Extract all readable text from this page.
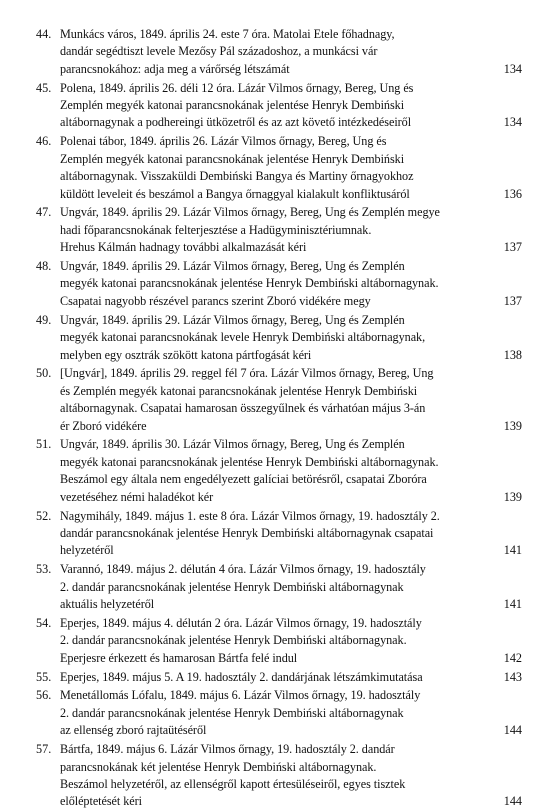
44. Munkács város, 1849. április 24. este 7 óra. Matolai Etele főhadnagy,
dandár segédtiszt levele Mezősy Pál századoshoz, a munkácsi vár
parancsnokához: adja meg a várőrség létszámát	134
45. Polena, 1849. április 26. déli 12 óra. Lázár Vilmos őrnagy, Bereg, Ung és
Zemplén megyék katonai parancsnokának jelentése Henryk Dembiński
altábornagynak a podhereingi ütközetről és az azt követő intézkedéseiről	134
46. Polenai tábor, 1849. április 26. Lázár Vilmos őrnagy, Bereg, Ung és
Zemplén megyék katonai parancsnokának jelentése Henryk Dembiński
altábornagynak. Visszaküldi Dembiński Bangya és Martiny őrnagyokhoz
küldött leveleit és beszámol a Bangya őrnaggyal kialakult konfliktusáról	136
47. Ungvár, 1849. április 29. Lázár Vilmos őrnagy, Bereg, Ung és Zemplén megye
hadi főparancsnokának felterjesztése a Hadügyminisztériumnak.
Hrehus Kálmán hadnagy további alkalmazását kéri	137
48. Ungvár, 1849. április 29. Lázár Vilmos őrnagy, Bereg, Ung és Zemplén
megyék katonai parancsnokának jelentése Henryk Dembiński altábornagynak.
Csapatai nagyobb részével parancs szerint Zboró vidékére megy	137
49. Ungvár, 1849. április 29. Lázár Vilmos őrnagy, Bereg, Ung és Zemplén
megyék katonai parancsnokának levele Henryk Dembiński altábornagynak,
melyben egy osztrák szökött katona pártfogását kéri	138
50. [Ungvár], 1849. április 29. reggel fél 7 óra. Lázár Vilmos őrnagy, Bereg, Ung
és Zemplén megyék katonai parancsnokának jelentése Henryk Dembiński
altábornagynak. Csapatai hamarosan összegyűlnek és várhatóan május 3-án
ér Zboró vidékére	139
51. Ungvár, 1849. április 30. Lázár Vilmos őrnagy, Bereg, Ung és Zemplén
megyék katonai parancsnokának jelentése Henryk Dembiński altábornagynak.
Beszámol egy általa nem engedélyezett galíciai betörésről, csapatai Zboróra
vezetéséhez némi haladékot kér	139
52. Nagymihály, 1849. május 1. este 8 óra. Lázár Vilmos őrnagy, 19. hadosztály 2.
dandár parancsnokának jelentése Henryk Dembiński altábornagynak csapatai
helyzetéről	141
53. Varannó, 1849. május 2. délután 4 óra. Lázár Vilmos őrnagy, 19. hadosztály
2. dandár parancsnokának jelentése Henryk Dembiński altábornagynak
aktuális helyzetéről	141
54. Eperjes, 1849. május 4. délután 2 óra. Lázár Vilmos őrnagy, 19. hadosztály
2. dandár parancsnokának jelentése Henryk Dembiński altábornagynak.
Eperjesre érkezett és hamarosan Bártfa felé indul	142
55. Eperjes, 1849. május 5. A 19. hadosztály 2. dandárjának létszámkimutatása	143
56. Menetállomás Lófalu, 1849. május 6. Lázár Vilmos őrnagy, 19. hadosztály
2. dandár parancsnokának jelentése Henryk Dembiński altábornagynak
az ellenség zboró rajtaütéséről	144
57. Bártfa, 1849. május 6. Lázár Vilmos őrnagy, 19. hadosztály 2. dandár
parancsnokának két jelentése Henryk Dembiński altábornagynak.
Beszámol helyzetéről, az ellenségről kapott értesüléseiről, egyes tisztek
előléptetését kéri	144
